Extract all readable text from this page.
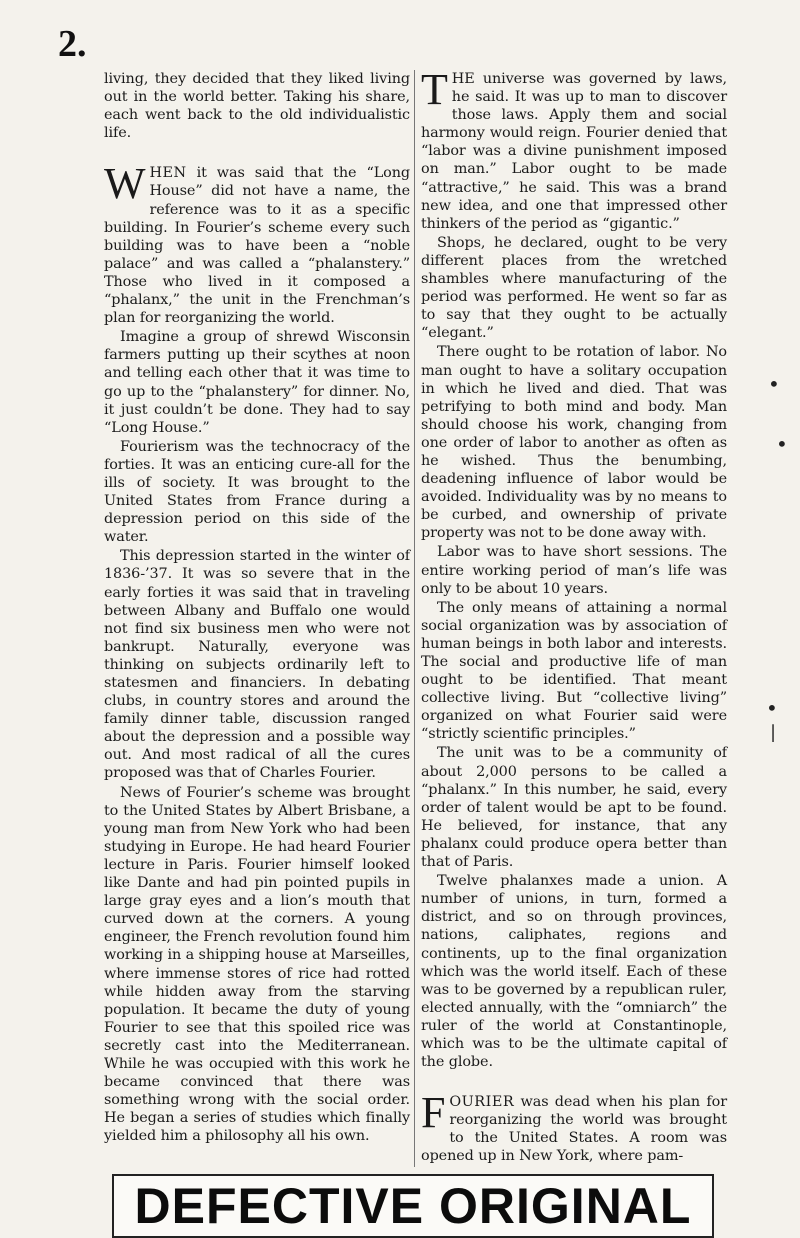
2.

living, they decided that they liked living out in the world better. Taking his share, each went back to the old individualistic life.

WHEN it was said that the “Long House” did not have a name, the reference was to it as a specific building. In Fourier’s scheme every such building was to have been a “noble palace” and was called a “phalanstery.” Those who lived in it composed a “phalanx,” the unit in the Frenchman’s plan for reorganizing the world.

Imagine a group of shrewd Wisconsin farmers putting up their scythes at noon and telling each other that it was time to go up to the “phalanstery” for dinner. No, it just couldn’t be done. They had to say “Long House.”

Fourierism was the technocracy of the forties. It was an enticing cure-all for the ills of society. It was brought to the United States from France during a depression period on this side of the water.

This depression started in the winter of 1836-’37. It was so severe that in the early forties it was said that in traveling between Albany and Buffalo one would not find six business men who were not bankrupt. Naturally, everyone was thinking on subjects ordinarily left to statesmen and financiers. In debating clubs, in country stores and around the family dinner table, discussion ranged about the depression and a possible way out. And most radical of all the cures proposed was that of Charles Fourier.

News of Fourier’s scheme was brought to the United States by Albert Brisbane, a young man from New York who had been studying in Europe. He had heard Fourier lecture in Paris. Fourier himself looked like Dante and had pin pointed pupils in large gray eyes and a lion’s mouth that curved down at the corners. A young engineer, the French revolution found him working in a shipping house at Marseilles, where immense stores of rice had rotted while hidden away from the starving population. It became the duty of young Fourier to see that this spoiled rice was secretly cast into the Mediterranean. While he was occupied with this work he became convinced that there was something wrong with the social order. He began a series of studies which finally yielded him a philosophy all his own.

THE universe was governed by laws, he said. It was up to man to discover those laws. Apply them and social harmony would reign. Fourier denied that “labor was a divine punishment imposed on man.” Labor ought to be made “attractive,” he said. This was a brand new idea, and one that impressed other thinkers of the period as “gigantic.”

Shops, he declared, ought to be very different places from the wretched shambles where manufacturing of the period was performed. He went so far as to say that they ought to be actually “elegant.”

There ought to be rotation of labor. No man ought to have a solitary occupation in which he lived and died. That was petrifying to both mind and body. Man should choose his work, changing from one order of labor to another as often as he wished. Thus the benumbing, deadening influence of labor would be avoided. Individuality was by no means to be curbed, and ownership of private property was not to be done away with.

Labor was to have short sessions. The entire working period of man’s life was only to be about 10 years.

The only means of attaining a normal social organization was by association of human beings in both labor and interests. The social and productive life of man ought to be identified. That meant collective living. But “collective living” organized on what Fourier said were “strictly scientific principles.”

The unit was to be a community of about 2,000 persons to be called a “phalanx.” In this number, he said, every order of talent would be apt to be found. He believed, for instance, that any phalanx could produce opera better than that of Paris.

Twelve phalanxes made a union. A number of unions, in turn, formed a district, and so on through provinces, nations, caliphates, regions and continents, up to the final organization which was the world itself. Each of these was to be governed by a republican ruler, elected annually, with the “omniarch” the ruler of the world at Constantinople, which was to be the ultimate capital of the globe.

FOURIER was dead when his plan for reorganizing the world was brought to the United States. A room was opened up in New York, where pam-

•
•
•
|
DEFECTIVE ORIGINAL
